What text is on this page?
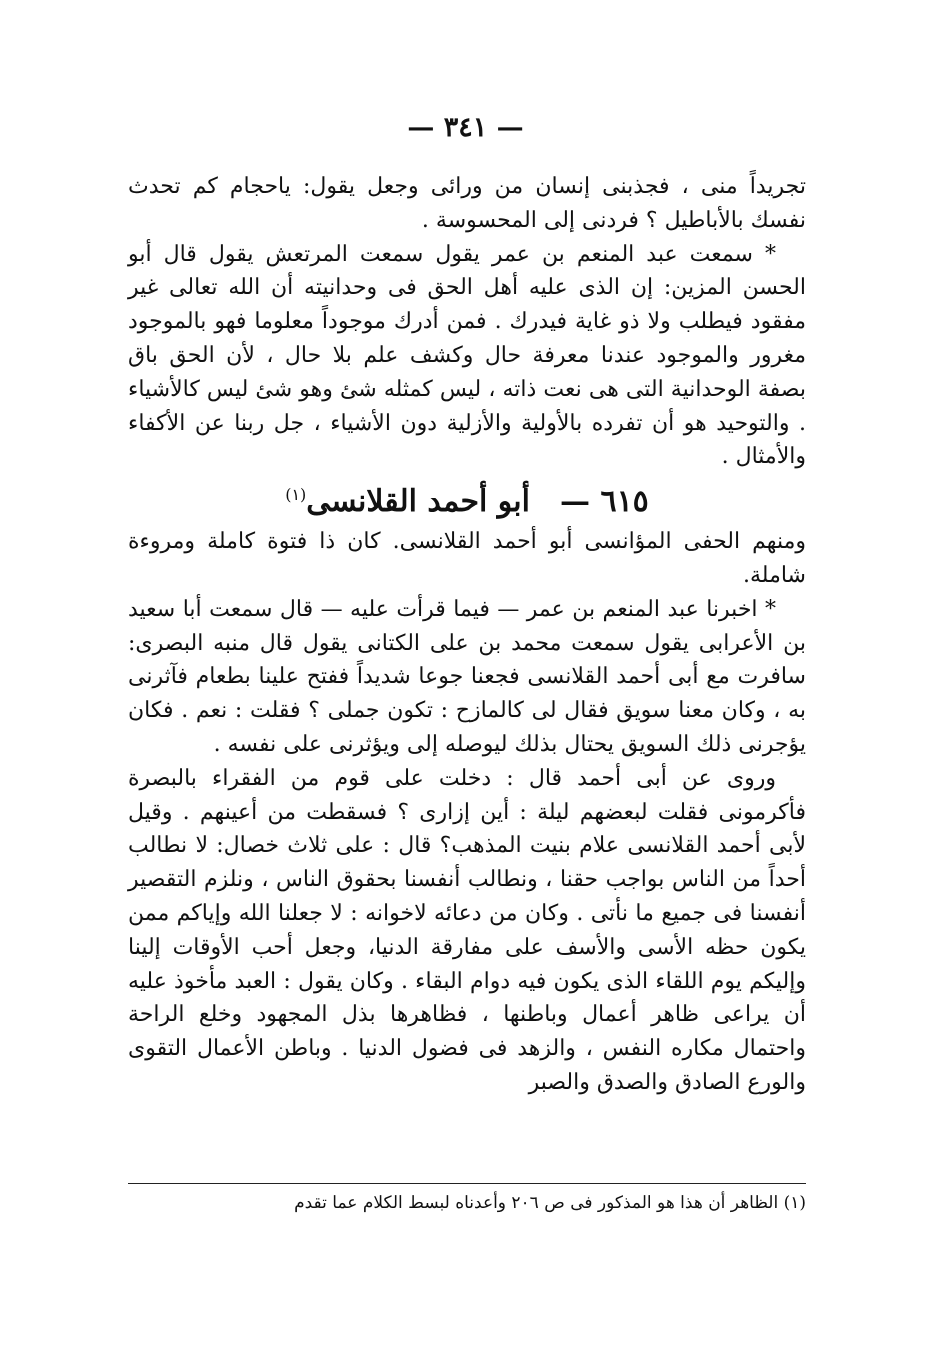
— ٣٤١ —

تجريداً منى ، فجذبنى إنسان من ورائى وجعل يقول: ياحجام كم تحدث نفسك بالأباطيل ؟ فردنى إلى المحسوسة .

* سمعت عبد المنعم بن عمر يقول سمعت المرتعش يقول قال أبو الحسن المزين: إن الذى عليه أهل الحق فى وحدانيته أن الله تعالى غير مفقود فيطلب ولا ذو غاية فيدرك . فمن أدرك موجوداً معلوما فهو بالموجود مغرور والموجود عندنا معرفة حال وكشف علم بلا حال ، لأن الحق باق بصفة الوحدانية التى هى نعت ذاته ، ليس كمثله شئ وهو شئ ليس كالأشياء . والتوحيد هو أن تفرده بالأولية والأزلية دون الأشياء ، جل ربنا عن الأكفاء والأمثال .

٦١٥ —أبو أحمد القلانسى$^{(١)}$

ومنهم الحفى المؤانسى أبو أحمد القلانسى. كان ذا فتوة كاملة ومروءة شاملة.

* اخبرنا عبد المنعم بن عمر — فيما قرأت عليه — قال سمعت أبا سعيد بن الأعرابى يقول سمعت محمد بن على الكتانى يقول قال منبه البصرى: سافرت مع أبى أحمد القلانسى فجعنا جوعا شديداً ففتح علينا بطعام فآثرنى به ، وكان معنا سويق فقال لى كالمازح : تكون جملى ؟ فقلت : نعم . فكان يؤجرنى ذلك السويق يحتال بذلك ليوصله إلى ويؤثرنى على نفسه .

وروى عن أبى أحمد قال : دخلت على قوم من الفقراء بالبصرة فأكرمونى فقلت لبعضهم ليلة : أين إزارى ؟ فسقطت من أعينهم . وقيل لأبى أحمد القلانسى علام بنيت المذهب؟ قال : على ثلاث خصال: لا نطالب أحداً من الناس بواجب حقنا ، ونطالب أنفسنا بحقوق الناس ، ونلزم التقصير أنفسنا فى جميع ما نأتى . وكان من دعائه لاخوانه : لا جعلنا الله وإياكم ممن يكون حظه الأسى والأسف على مفارقة الدنيا، وجعل أحب الأوقات إلينا وإليكم يوم اللقاء الذى يكون فيه دوام البقاء . وكان يقول : العبد مأخوذ عليه أن يراعى ظاهر أعمال وباطنها ، فظاهرها بذل المجهود وخلع الراحة واحتمال مكاره النفس ، والزهد فى فضول الدنيا . وباطن الأعمال التقوى والورع الصادق والصدق والصبر

(١) الظاهر أن هذا هو المذكور فى ص ٢٠٦ وأعدناه لبسط الكلام عما تقدم
